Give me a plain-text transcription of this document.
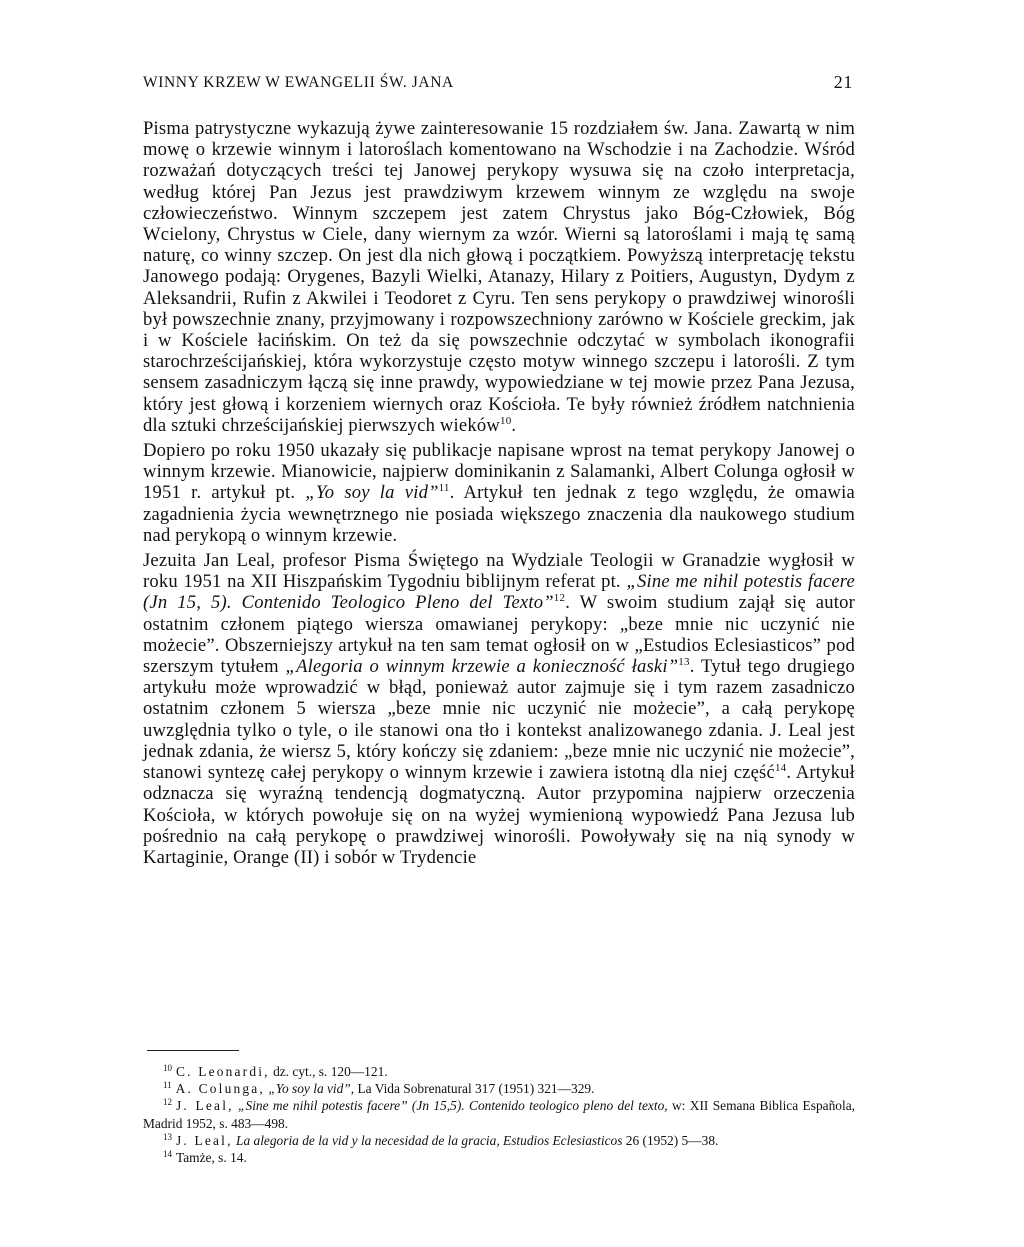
WINNY KRZEW W EWANGELII ŚW. JANA	21

Pisma patrystyczne wykazują żywe zainteresowanie 15 rozdziałem św. Jana. Zawartą w nim mowę o krzewie winnym i latoroślach komentowano na Wschodzie i na Zachodzie. Wśród rozważań dotyczących treści tej Janowej perykopy wysuwa się na czoło interpretacja, według której Pan Jezus jest prawdziwym krzewem winnym ze względu na swoje człowieczeństwo. Winnym szczepem jest zatem Chrystus jako Bóg-Człowiek, Bóg Wcielony, Chrystus w Ciele, dany wiernym za wzór. Wierni są latoroślami i mają tę samą naturę, co winny szczep. On jest dla nich głową i początkiem. Powyższą interpretację tekstu Janowego podają: Orygenes, Bazyli Wielki, Atanazy, Hilary z Poitiers, Augustyn, Dydym z Aleksandrii, Rufin z Akwilei i Teodoret z Cyru. Ten sens perykopy o prawdziwej winorośli był powszechnie znany, przyjmowany i rozpowszechniony zarówno w Kościele greckim, jak i w Kościele łacińskim. On też da się powszechnie odczytać w symbolach ikonografii starochrześcijańskiej, która wykorzystuje często motyw winnego szczepu i latorośli. Z tym sensem zasadniczym łączą się inne prawdy, wypowiedziane w tej mowie przez Pana Jezusa, który jest głową i korzeniem wiernych oraz Kościoła. Te były również źródłem natchnienia dla sztuki chrześcijańskiej pierwszych wieków$^{10}$.

Dopiero po roku 1950 ukazały się publikacje napisane wprost na temat perykopy Janowej o winnym krzewie. Mianowicie, najpierw dominikanin z Salamanki, Albert Colunga ogłosił w 1951 r. artykuł pt. „Yo soy la vid”$^{11}$. Artykuł ten jednak z tego względu, że omawia zagadnienia życia wewnętrznego nie posiada większego znaczenia dla naukowego studium nad perykopą o winnym krzewie.

Jezuita Jan Leal, profesor Pisma Świętego na Wydziale Teologii w Granadzie wygłosił w roku 1951 na XII Hiszpańskim Tygodniu biblijnym referat pt. „Sine me nihil potestis facere (Jn 15, 5). Contenido Teologico Pleno del Texto”$^{12}$. W swoim studium zajął się autor ostatnim członem piątego wiersza omawianej perykopy: „beze mnie nic uczynić nie możecie”. Obszerniejszy artykuł na ten sam temat ogłosił on w „Estudios Eclesiasticos” pod szerszym tytułem „Alegoria o winnym krzewie a konieczność łaski”$^{13}$. Tytuł tego drugiego artykułu może wprowadzić w błąd, ponieważ autor zajmuje się i tym razem zasadniczo ostatnim członem 5 wiersza „beze mnie nic uczynić nie możecie”, a całą perykopę uwzględnia tylko o tyle, o ile stanowi ona tło i kontekst analizowanego zdania. J. Leal jest jednak zdania, że wiersz 5, który kończy się zdaniem: „beze mnie nic uczynić nie możecie”, stanowi syntezę całej perykopy o winnym krzewie i zawiera istotną dla niej część$^{14}$. Artykuł odznacza się wyraźną tendencją dogmatyczną. Autor przypomina najpierw orzeczenia Kościoła, w których powołuje się on na wyżej wymienioną wypowiedź Pana Jezusa lub pośrednio na całą perykopę o prawdziwej winorośli. Powoływały się na nią synody w Kartaginie, Orange (II) i sobór w Trydencie

$^{10}$ C. Leonardi, dz. cyt., s. 120—121.

$^{11}$ A. Colunga, „Yo soy la vid”, La Vida Sobrenatural 317 (1951) 321—329.

$^{12}$ J. Leal, „Sine me nihil potestis facere” (Jn 15,5). Contenido teologico pleno del texto, w: XII Semana Biblica Española, Madrid 1952, s. 483—498.

$^{13}$ J. Leal, La alegoria de la vid y la necesidad de la gracia, Estudios Eclesiasticos 26 (1952) 5—38.

$^{14}$ Tamże, s. 14.
